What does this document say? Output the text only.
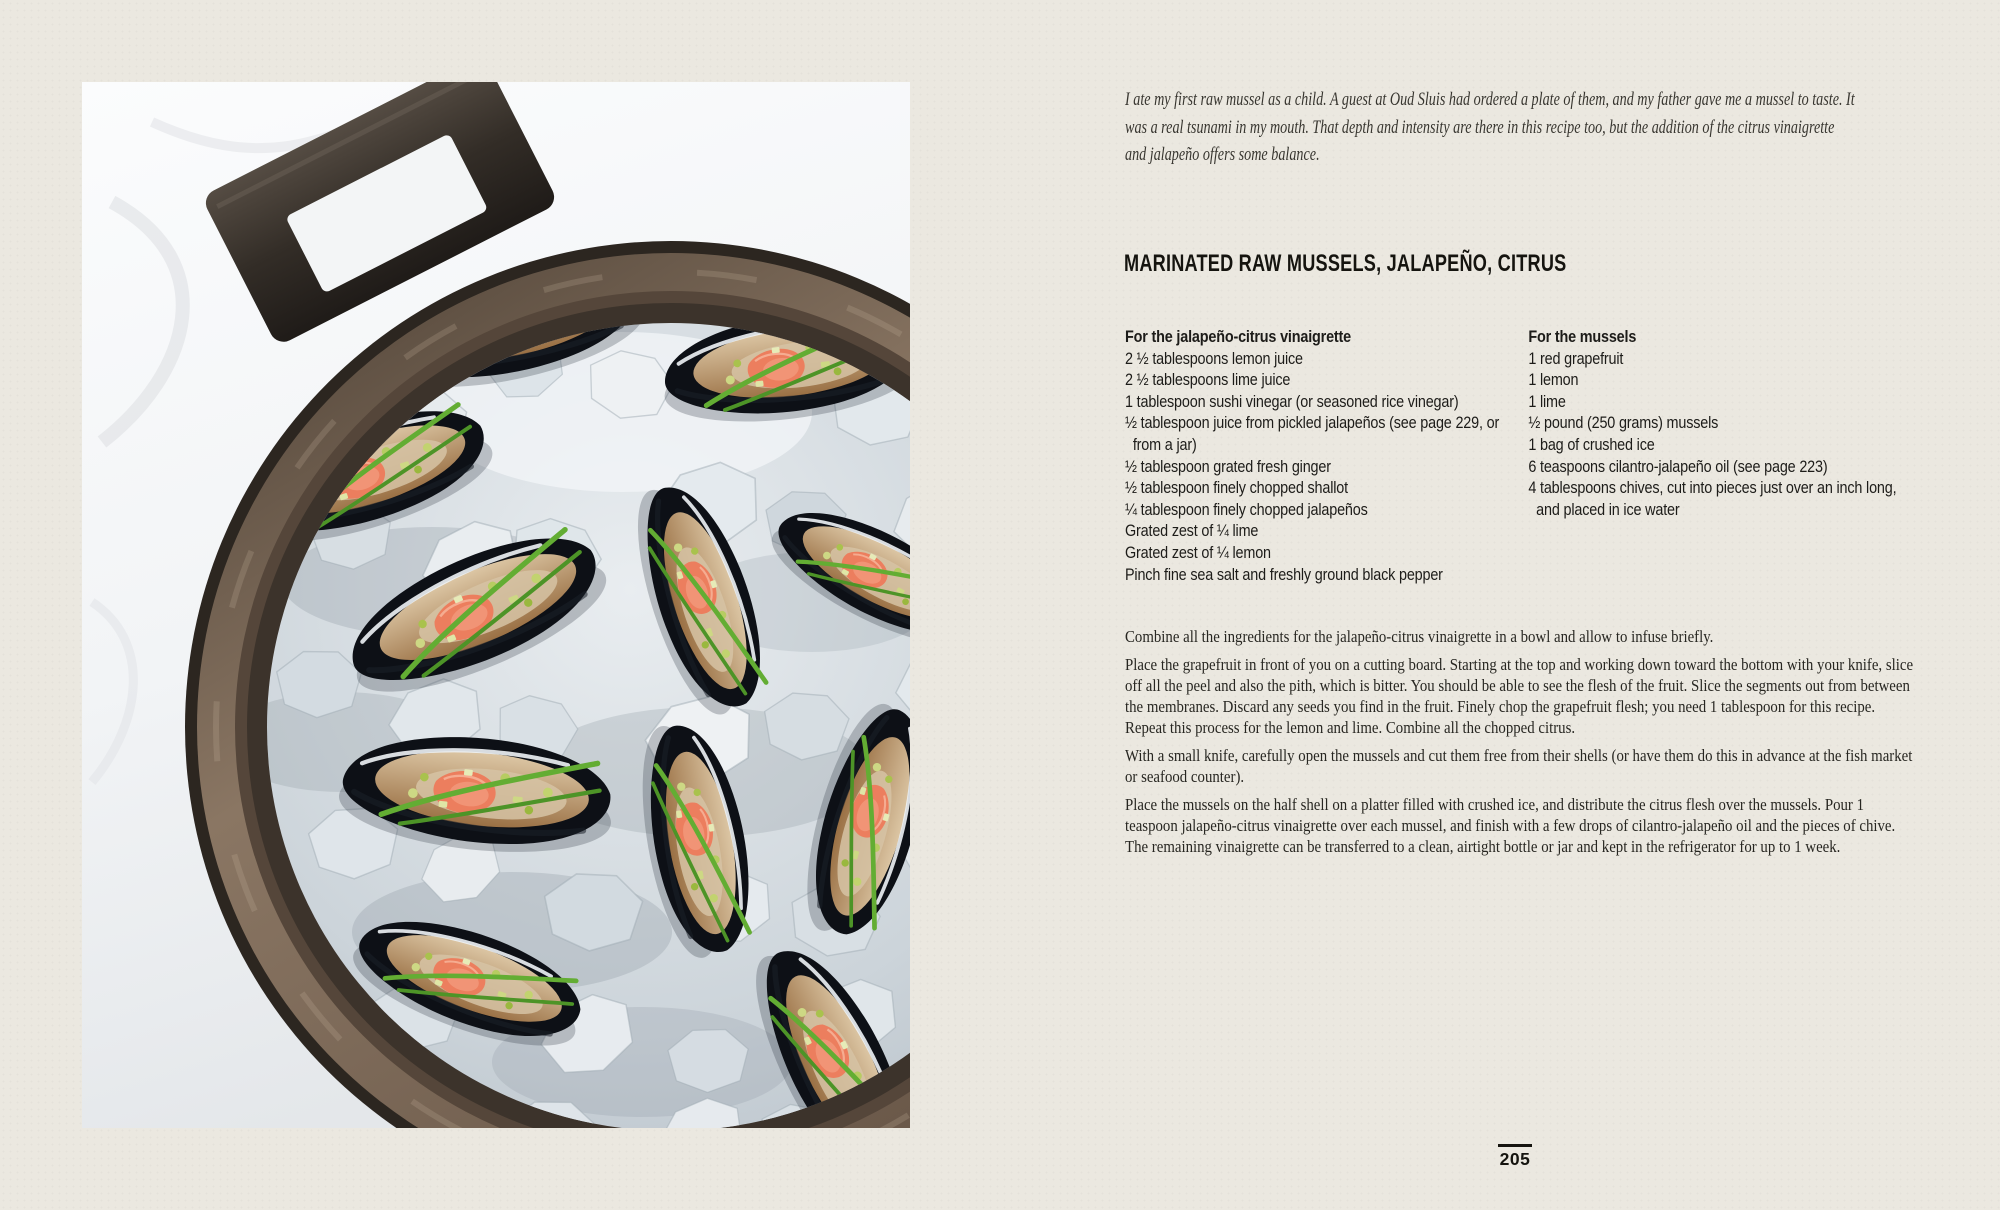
I ate my first raw mussel as a child. A guest at Oud Sluis had ordered a plate of them, and my father gave me a mussel to taste. It was a real tsunami in my mouth. That depth and intensity are there in this recipe too, but the addition of the citrus vinaigrette and jalapeño offers some balance.
MARINATED RAW MUSSELS, JALAPEÑO, CITRUS
For the jalapeño-citrus vinaigrette
2 ½ tablespoons lemon juice
2 ½ tablespoons lime juice
1 tablespoon sushi vinegar (or seasoned rice vinegar)
½ tablespoon juice from pickled jalapeños (see page 229, or from a jar)
½ tablespoon grated fresh ginger
½ tablespoon finely chopped shallot
¼ tablespoon finely chopped jalapeños
Grated zest of ¼ lime
Grated zest of ¼ lemon
Pinch fine sea salt and freshly ground black pepper
For the mussels
1 red grapefruit
1 lemon
1 lime
½ pound (250 grams) mussels
1 bag of crushed ice
6 teaspoons cilantro-jalapeño oil (see page 223)
4 tablespoons chives, cut into pieces just over an inch long, and placed in ice water

Combine all the ingredients for the jalapeño-citrus vinaigrette in a bowl and allow to infuse briefly.

Place the grapefruit in front of you on a cutting board. Starting at the top and working down toward the bottom with your knife, slice off all the peel and also the pith, which is bitter. You should be able to see the flesh of the fruit. Slice the segments out from between the membranes. Discard any seeds you find in the fruit. Finely chop the grapefruit flesh; you need 1 tablespoon for this recipe. Repeat this process for the lemon and lime. Combine all the chopped citrus.

With a small knife, carefully open the mussels and cut them free from their shells (or have them do this in advance at the fish market or seafood counter).

Place the mussels on the half shell on a platter filled with crushed ice, and distribute the citrus flesh over the mussels. Pour 1 teaspoon jalapeño-citrus vinaigrette over each mussel, and finish with a few drops of cilantro-jalapeño oil and the pieces of chive. The remaining vinaigrette can be transferred to a clean, airtight bottle or jar and kept in the refrigerator for up to 1 week.

205
